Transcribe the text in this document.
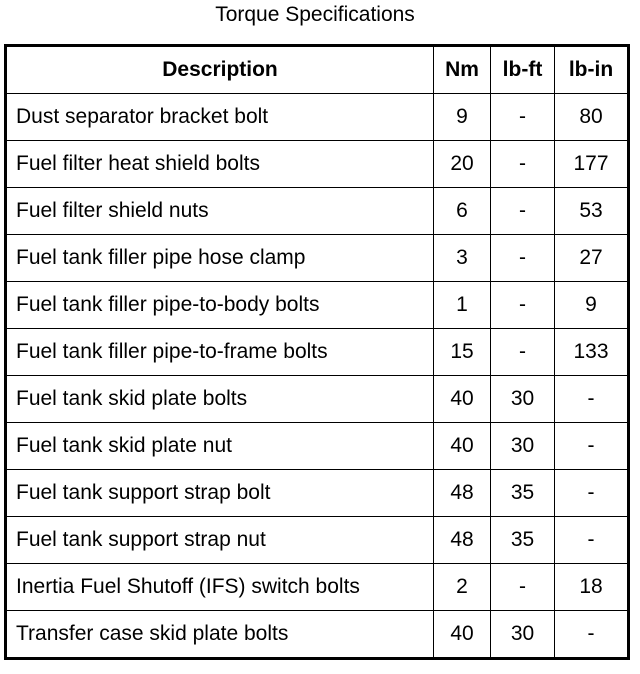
Torque Specifications
Description	Nm	lb-ft	lb-in
Dust separator bracket bolt	9	-	80
Fuel filter heat shield bolts	20	-	177
Fuel filter shield nuts	6	-	53
Fuel tank filler pipe hose clamp	3	-	27
Fuel tank filler pipe-to-body bolts	1	-	9
Fuel tank filler pipe-to-frame bolts	15	-	133
Fuel tank skid plate bolts	40	30	-
Fuel tank skid plate nut	40	30	-
Fuel tank support strap bolt	48	35	-
Fuel tank support strap nut	48	35	-
Inertia Fuel Shutoff (IFS) switch bolts	2	-	18
Transfer case skid plate bolts	40	30	-
